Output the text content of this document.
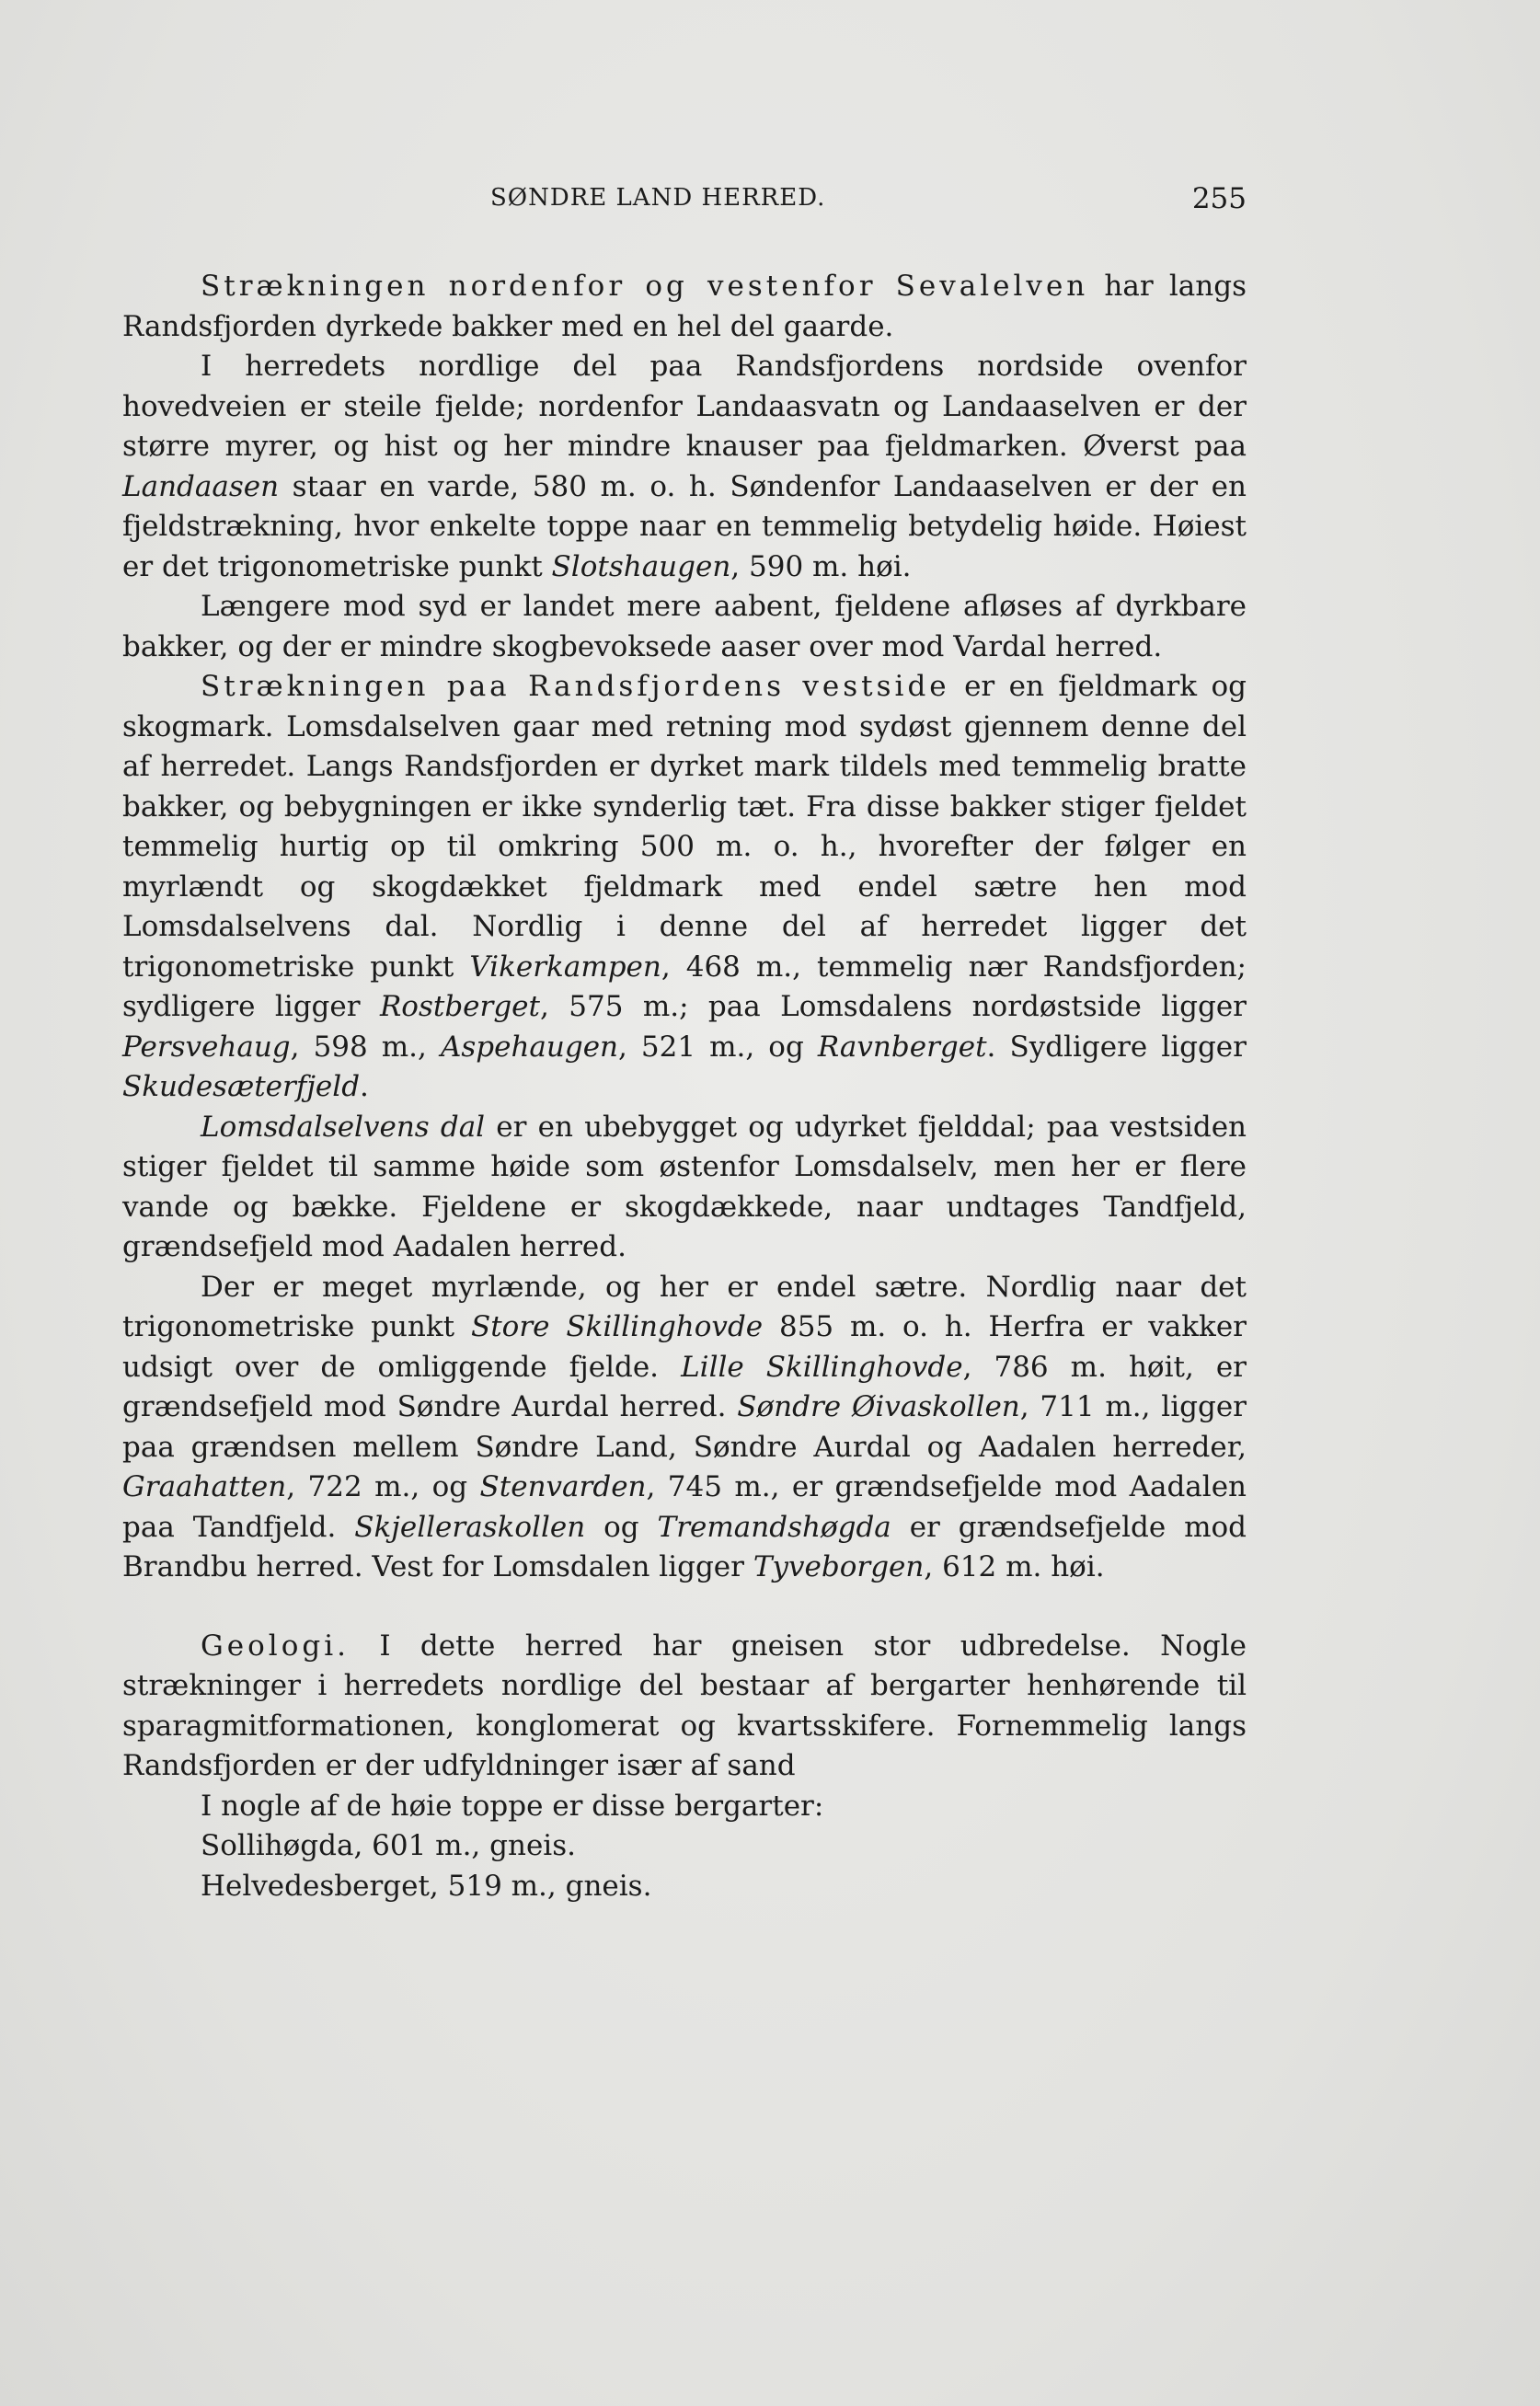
SØNDRE LAND HERRED.	255

Strækningen nordenfor og vestenfor Sevalelven har langs Randsfjorden dyrkede bakker med en hel del gaarde.

I herredets nordlige del paa Randsfjordens nordside ovenfor hovedveien er steile fjelde; nordenfor Landaasvatn og Landaaselven er der større myrer, og hist og her mindre knauser paa fjeldmarken. Øverst paa Landaasen staar en varde, 580 m. o. h. Søndenfor Landaaselven er der en fjeldstrækning, hvor enkelte toppe naar en temmelig betydelig høide. Høiest er det trigonometriske punkt Slotshaugen, 590 m. høi.

Længere mod syd er landet mere aabent, fjeldene afløses af dyrkbare bakker, og der er mindre skogbevoksede aaser over mod Vardal herred.

Strækningen paa Randsfjordens vestside er en fjeldmark og skogmark. Lomsdalselven gaar med retning mod sydøst gjennem denne del af herredet. Langs Randsfjorden er dyrket mark tildels med temmelig bratte bakker, og bebygningen er ikke synderlig tæt. Fra disse bakker stiger fjeldet temmelig hurtig op til omkring 500 m. o. h., hvorefter der følger en myrlændt og skogdækket fjeldmark med endel sætre hen mod Lomsdalselvens dal. Nordlig i denne del af herredet ligger det trigonometriske punkt Vikerkampen, 468 m., temmelig nær Randsfjorden; sydligere ligger Rostberget, 575 m.; paa Lomsdalens nordøstside ligger Persvehaug, 598 m., Aspehaugen, 521 m., og Ravnberget. Sydligere ligger Skudesæterfjeld.

Lomsdalselvens dal er en ubebygget og udyrket fjelddal; paa vestsiden stiger fjeldet til samme høide som østenfor Lomsdalselv, men her er flere vande og bække. Fjeldene er skogdækkede, naar undtages Tandfjeld, grændsefjeld mod Aadalen herred.

Der er meget myrlænde, og her er endel sætre. Nordlig naar det trigonometriske punkt Store Skillinghovde 855 m. o. h. Herfra er vakker udsigt over de omliggende fjelde. Lille Skillinghovde, 786 m. høit, er grændsefjeld mod Søndre Aurdal herred. Søndre Øivaskollen, 711 m., ligger paa grændsen mellem Søndre Land, Søndre Aurdal og Aadalen herreder, Graahatten, 722 m., og Stenvarden, 745 m., er grændsefjelde mod Aadalen paa Tandfjeld. Skjelleraskollen og Tremandshøgda er grændsefjelde mod Brandbu herred. Vest for Lomsdalen ligger Tyveborgen, 612 m. høi.

Geologi. I dette herred har gneisen stor udbredelse. Nogle strækninger i herredets nordlige del bestaar af bergarter henhørende til sparagmitformationen, konglomerat og kvartsskifere. Fornemmelig langs Randsfjorden er der udfyldninger især af sand

I nogle af de høie toppe er disse bergarter:

Sollihøgda, 601 m., gneis.

Helvedesberget, 519 m., gneis.
